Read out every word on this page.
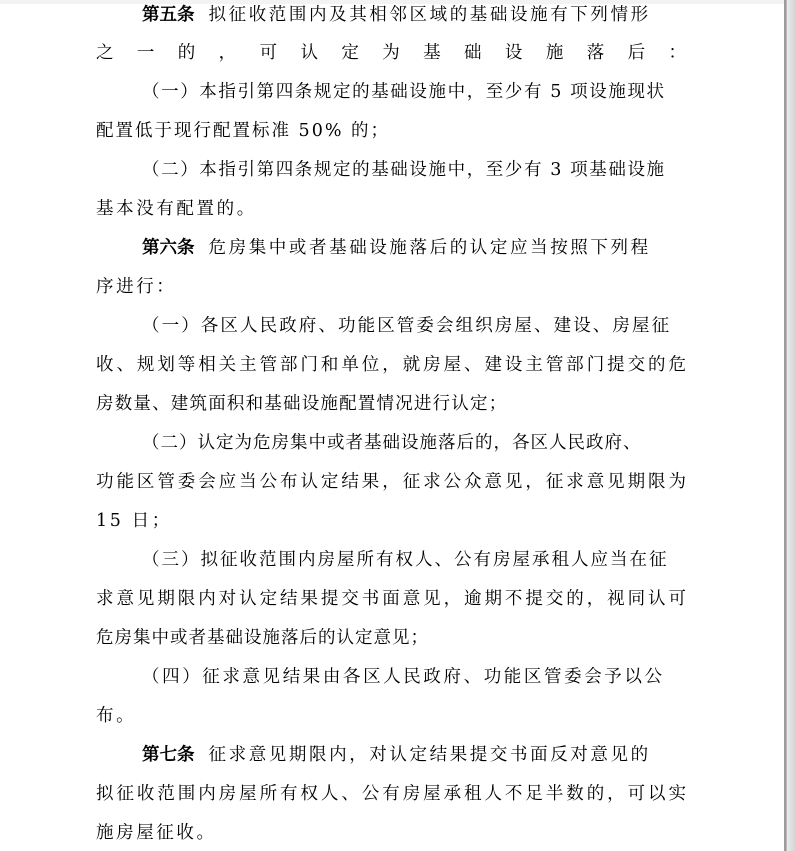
第五条 拟征收范围内及其相邻区域的基础设施有下列情形
之一的，可认定为基础设施落后：
（一）本指引第四条规定的基础设施中，至少有 5 项设施现状
配置低于现行配置标准 50% 的；
（二）本指引第四条规定的基础设施中，至少有 3 项基础设施
基本没有配置的。
第六条 危房集中或者基础设施落后的认定应当按照下列程
序进行：
（一）各区人民政府、功能区管委会组织房屋、建设、房屋征
收、规划等相关主管部门和单位，就房屋、建设主管部门提交的危
房数量、建筑面积和基础设施配置情况进行认定；
（二）认定为危房集中或者基础设施落后的，各区人民政府、
功能区管委会应当公布认定结果，征求公众意见，征求意见期限为
15 日；
（三）拟征收范围内房屋所有权人、公有房屋承租人应当在征
求意见期限内对认定结果提交书面意见，逾期不提交的，视同认可
危房集中或者基础设施落后的认定意见；
（四）征求意见结果由各区人民政府、功能区管委会予以公
布。
第七条 征求意见期限内，对认定结果提交书面反对意见的
拟征收范围内房屋所有权人、公有房屋承租人不足半数的，可以实
施房屋征收。
